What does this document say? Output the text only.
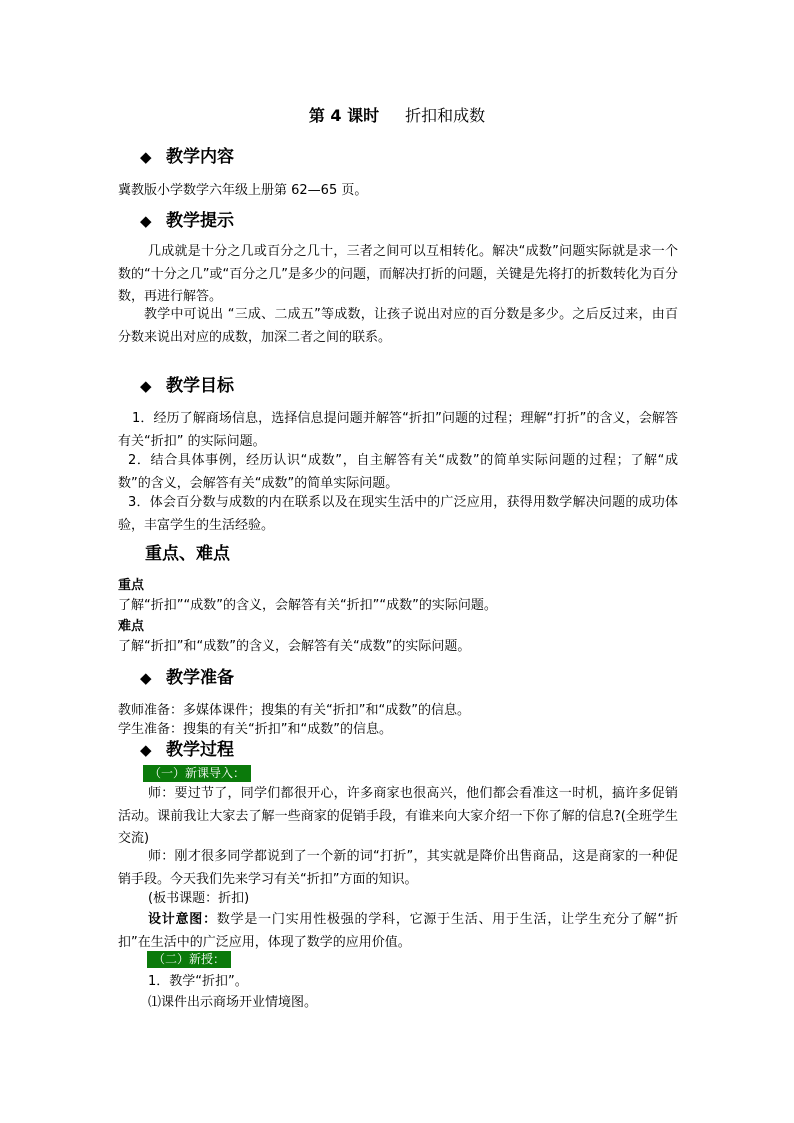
第 4 课时 折扣和成数
◆ 教学内容
冀教版小学数学六年级上册第 62—65 页。
◆ 教学提示
几成就是十分之几或百分之几十，三者之间可以互相转化。解决“成数”问题实际就是求一个数的“十分之几”或“百分之几”是多少的问题，而解决打折的问题，关键是先将打的折数转化为百分数，再进行解答。
教学中可说出 “三成、二成五”等成数，让孩子说出对应的百分数是多少。之后反过来，由百分数来说出对应的成数，加深二者之间的联系。
◆ 教学目标
1．经历了解商场信息，选择信息提问题并解答“折扣”问题的过程；理解“打折”的含义，会解答有关“折扣” 的实际问题。
2．结合具体事例，经历认识“成数”，自主解答有关“成数”的简单实际问题的过程；了解“成数”的含义，会解答有关“成数”的简单实际问题。
3．体会百分数与成数的内在联系以及在现实生活中的广泛应用，获得用数学解决问题的成功体验，丰富学生的生活经验。
重点、难点
重点
了解“折扣”“成数”的含义，会解答有关“折扣”“成数”的实际问题。
难点
了解“折扣”和“成数”的含义，会解答有关“成数”的实际问题。
◆ 教学准备
教师准备：多媒体课件；搜集的有关“折扣”和“成数”的信息。
学生准备：搜集的有关“折扣”和“成数”的信息。
◆ 教学过程
（一）新课导入：
师：要过节了，同学们都很开心，许多商家也很高兴，他们都会看准这一时机，搞许多促销活动。课前我让大家去了解一些商家的促销手段，有谁来向大家介绍一下你了解的信息?(全班学生交流)
师：刚才很多同学都说到了一个新的词“打折”，其实就是降价出售商品，这是商家的一种促销手段。今天我们先来学习有关“折扣”方面的知识。
(板书课题：折扣)
设计意图：数学是一门实用性极强的学科，它源于生活、用于生活，让学生充分了解“折扣”在生活中的广泛应用，体现了数学的应用价值。
（二）新授：
1．教学“折扣”。
⑴课件出示商场开业情境图。
